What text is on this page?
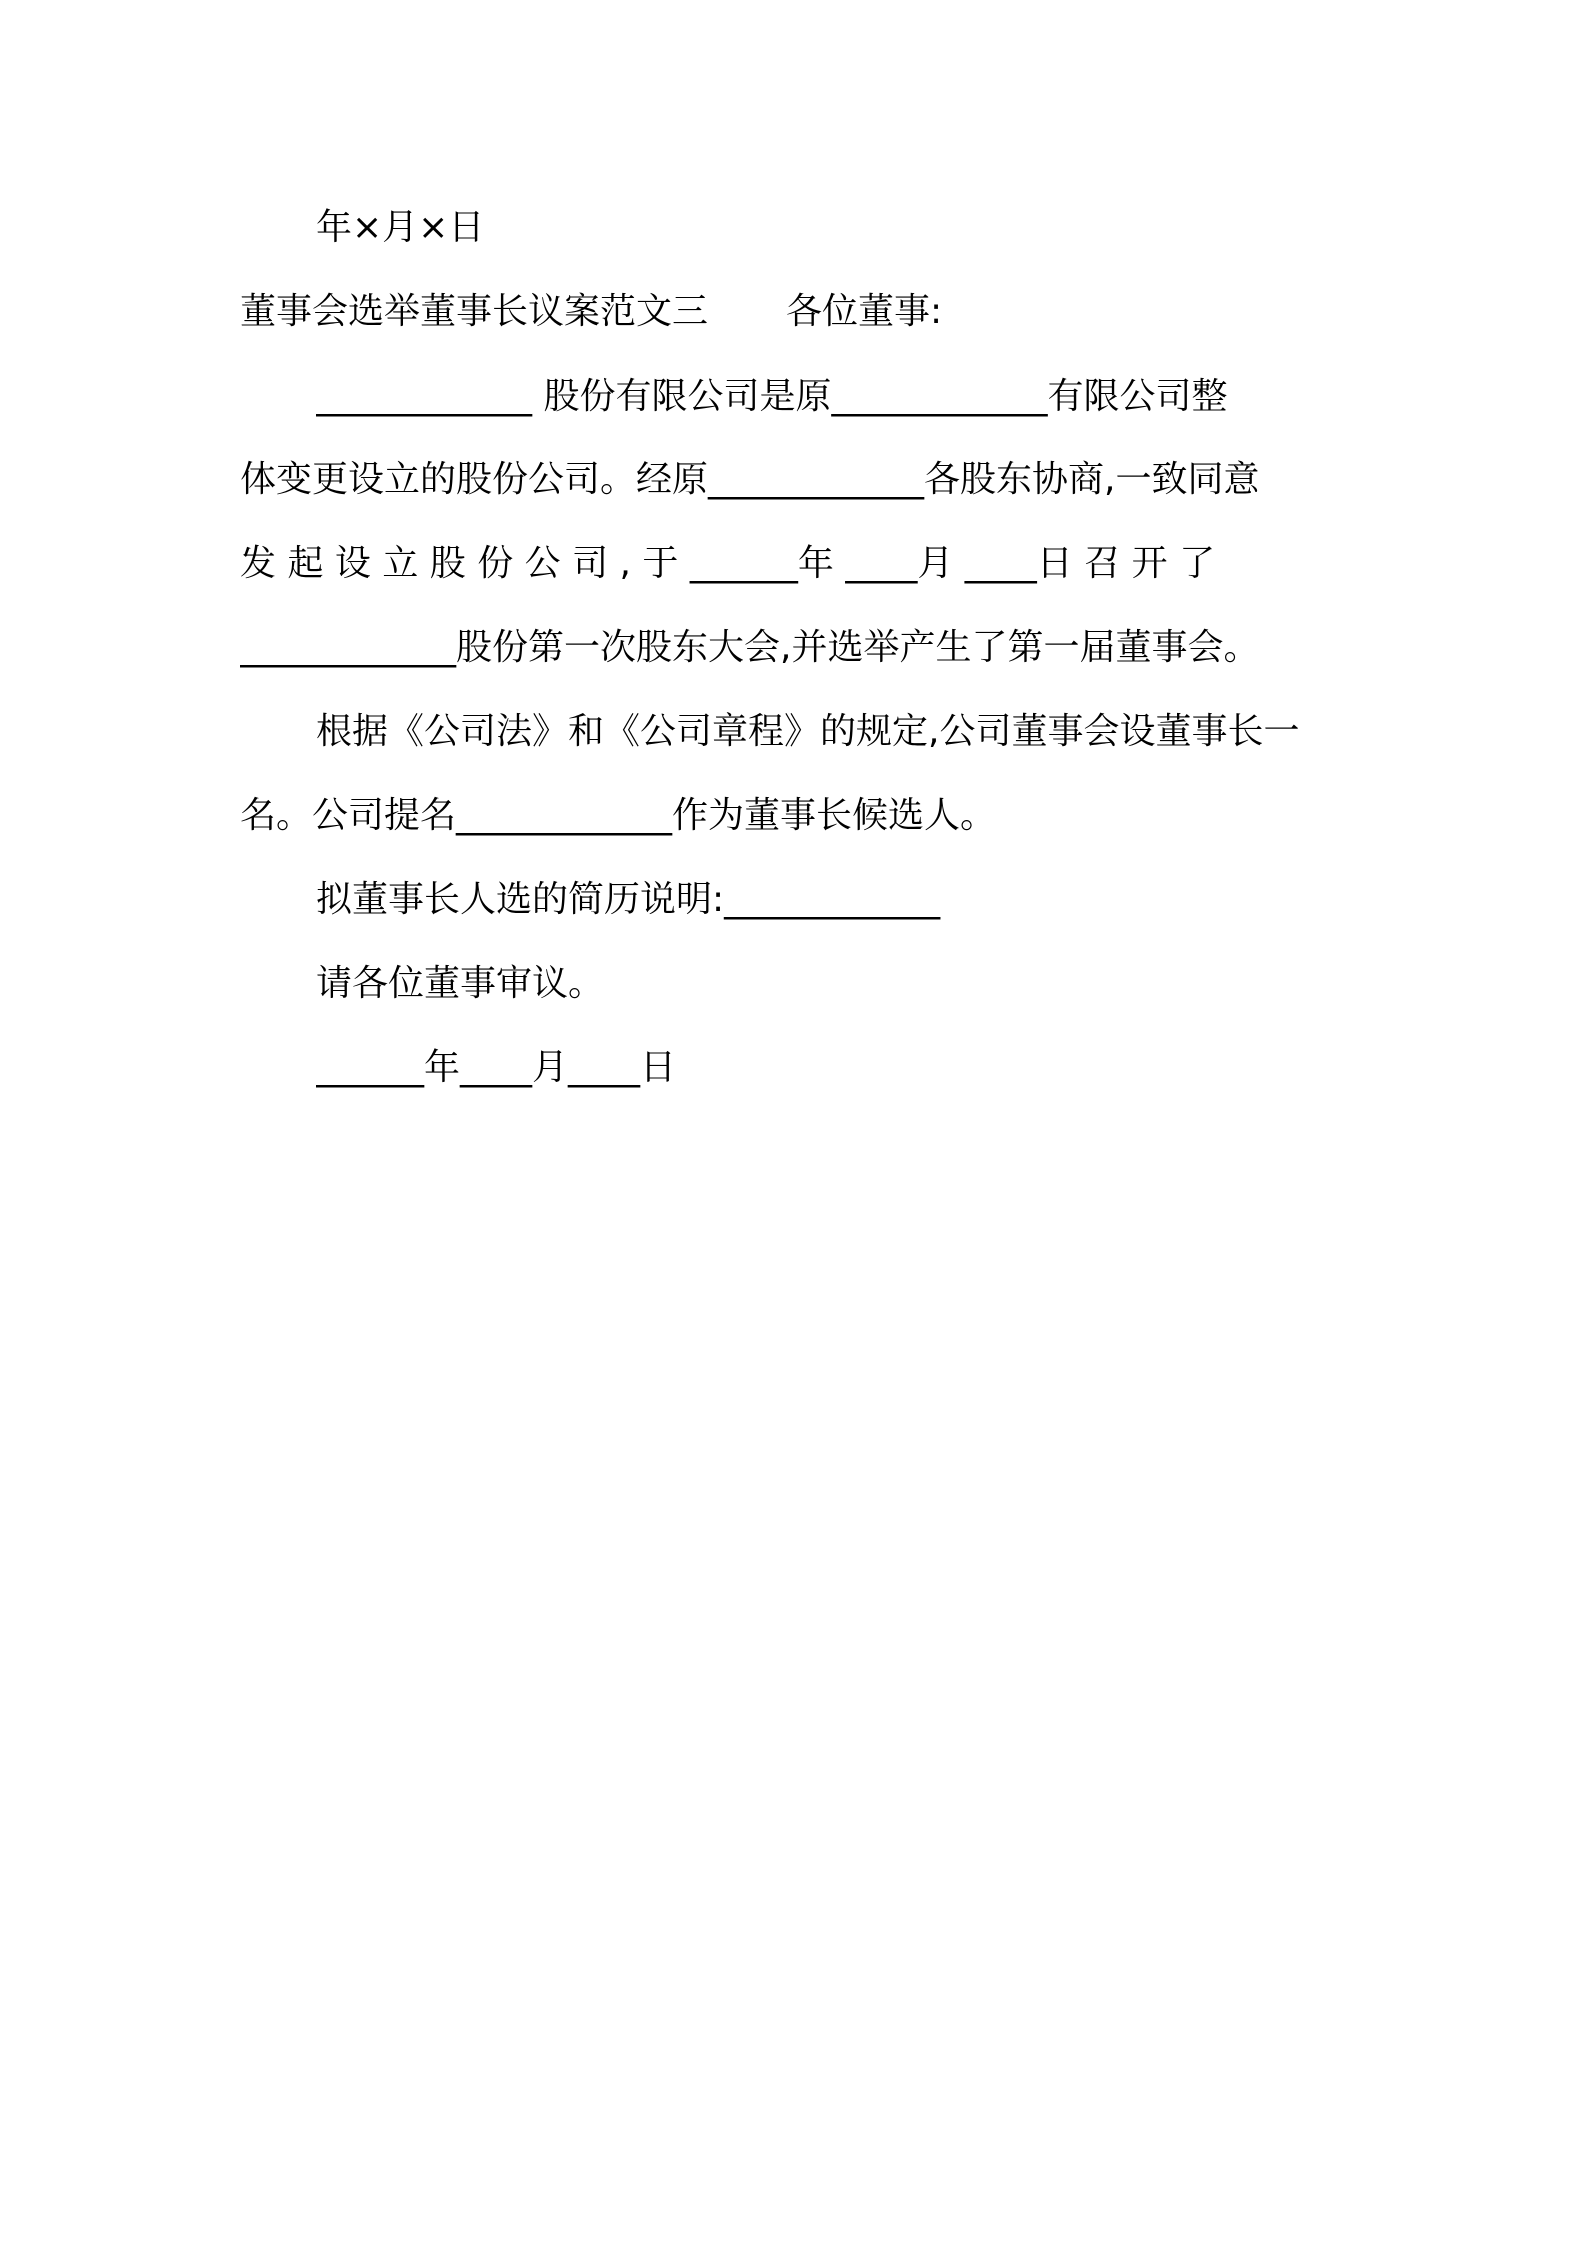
年×月×日
董事会选举董事长议案范文三 各位董事:
____________ 股份有限公司是原____________有限公司整
体变更设立的股份公司。经原____________各股东协商,一致同意
发 起 设 立 股 份 公 司 , 于 ______年 ____月 ____日 召 开 了
____________股份第一次股东大会,并选举产生了第一届董事会。
根据《公司法》和《公司章程》的规定,公司董事会设董事长一
名。公司提名____________作为董事长候选人。
拟董事长人选的简历说明:____________
请各位董事审议。
______年____月____日
